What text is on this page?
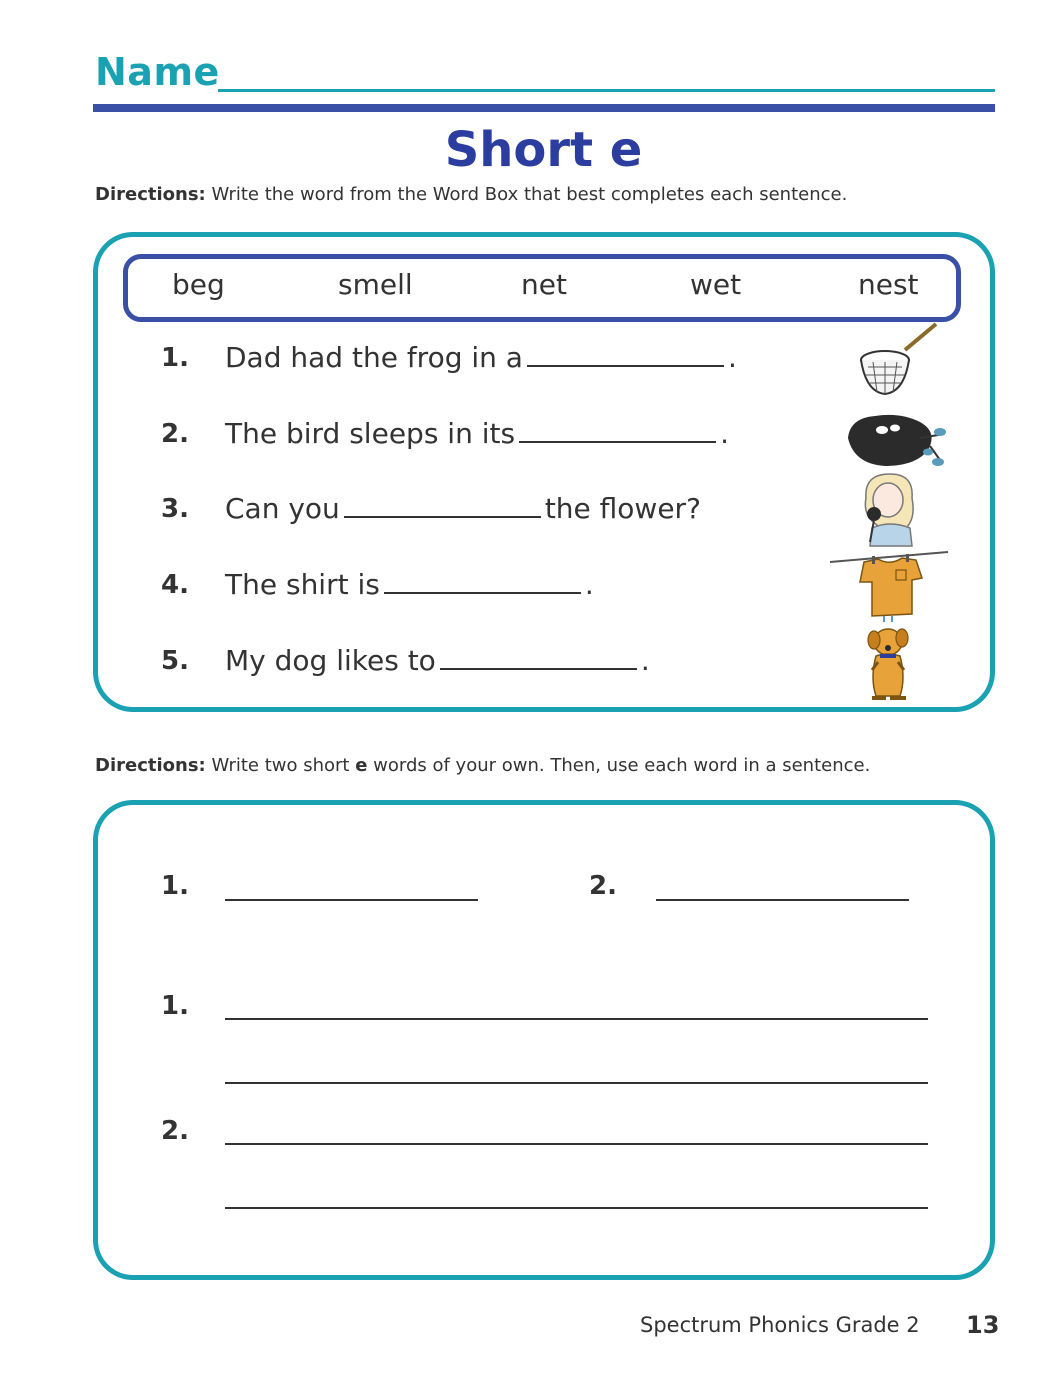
Name
Short e
Directions: Write the word from the Word Box that best completes each sentence.
beg	smell	net	wet	nest
1. Dad had the frog in a	.
2. The bird sleeps in its	.
3. Can you	the flower?
4. The shirt is	.
5. My dog likes to	.
Directions: Write two short e words of your own. Then, use each word in a sentence.
1.	2.
1.
2.
Spectrum Phonics Grade 2 13
